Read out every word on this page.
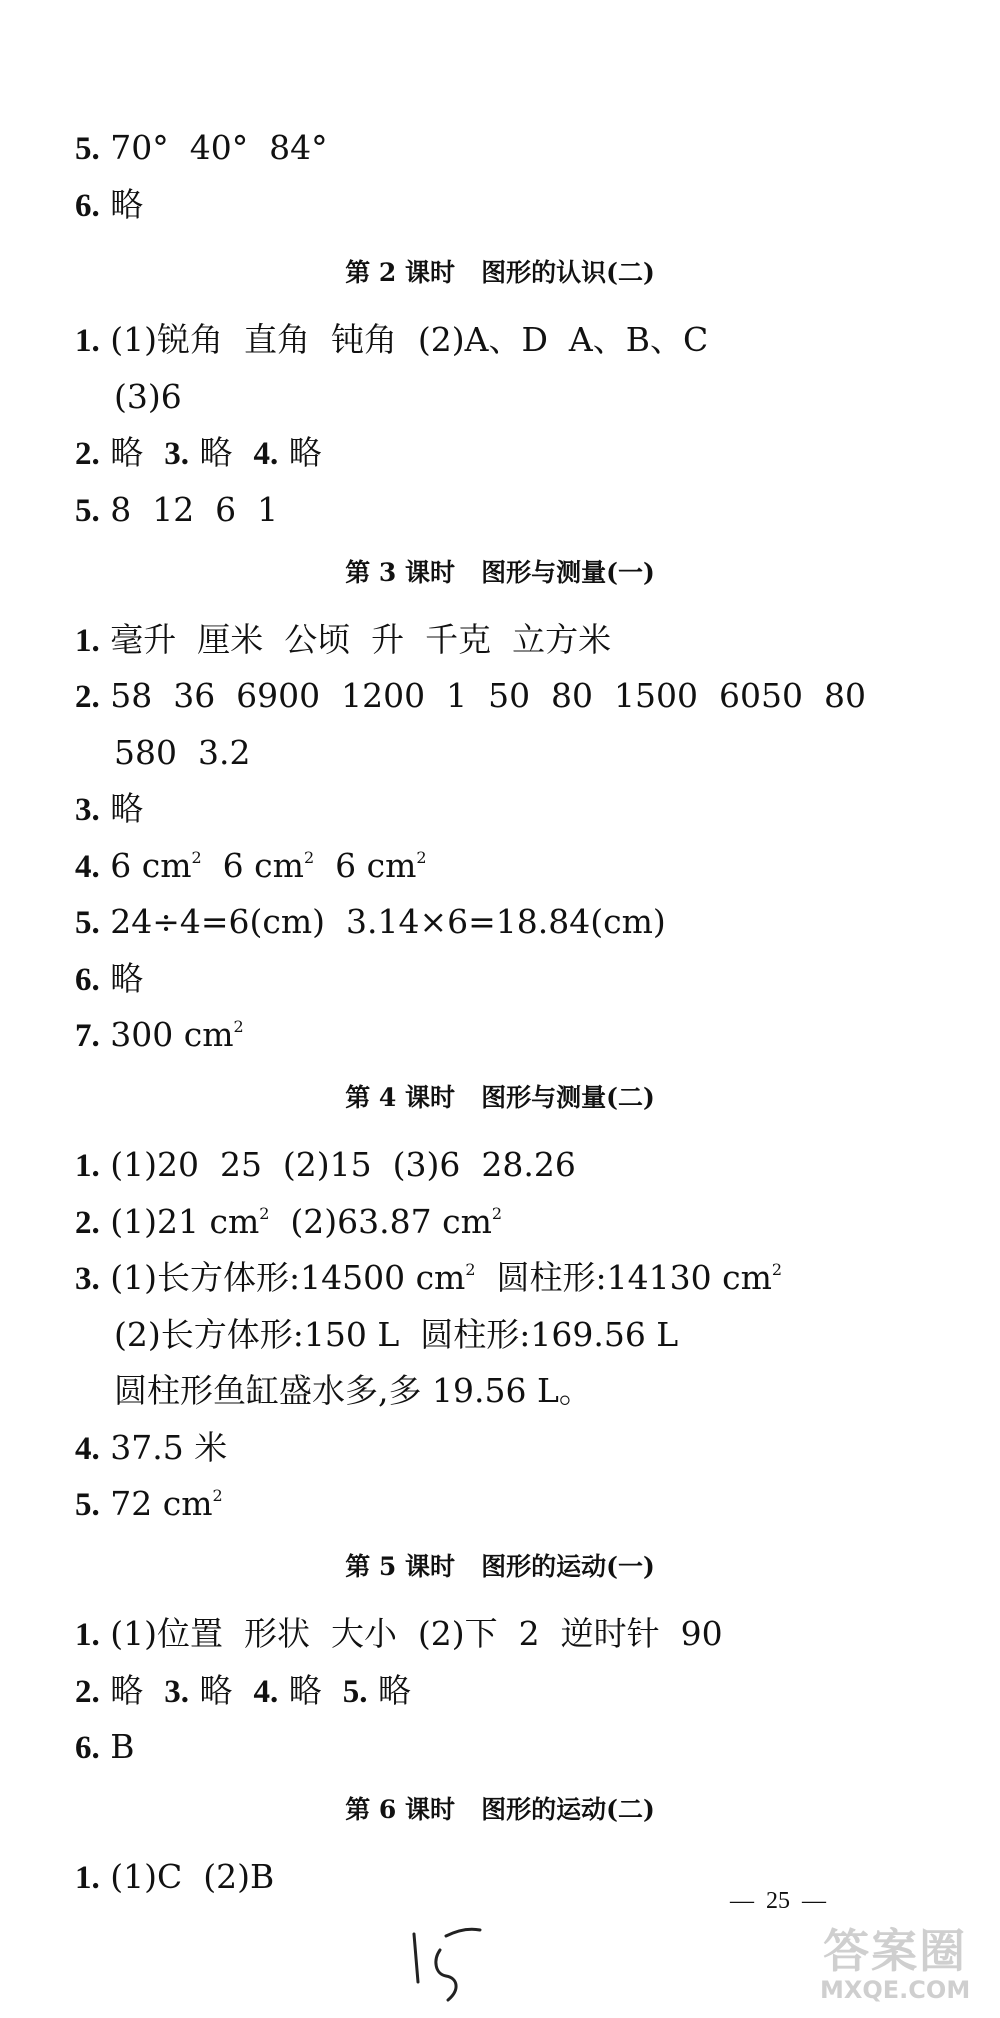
5. 70°  40°  84°
6. 略
第 2 课时   图形的认识(二)
1. (1)锐角  直角  钝角  (2)A、D  A、B、C
(3)6
2. 略  3. 略  4. 略
5. 8  12  6  1
第 3 课时   图形与测量(一)
1. 毫升  厘米  公顷  升  千克  立方米
2. 58  36  6900  1200  1  50  80  1500  6050  80
580  3.2
3. 略
4. 6 $cm^2$  6 $cm^2$  6 $cm^2$
5. 24÷4=6(cm)  3.14×6=18.84(cm)
6. 略
7. 300 $cm^2$
第 4 课时   图形与测量(二)
1. (1)20  25  (2)15  (3)6  28.26
2. (1)21 $cm^2$  (2)63.87 $cm^2$
3. (1)长方体形:14500 $cm^2$  圆柱形:14130 $cm^2$
(2)长方体形:150 L  圆柱形:169.56 L
圆柱形鱼缸盛水多,多 19.56 L。
4. 37.5 米
5. 72 $cm^2$
第 5 课时   图形的运动(一)
1. (1)位置  形状  大小  (2)下  2  逆时针  90
2. 略  3. 略  4. 略  5. 略
6. B
第 6 课时   图形的运动(二)
1. (1)C  (2)B
—  25  —
答案圈
MXQE.COM
